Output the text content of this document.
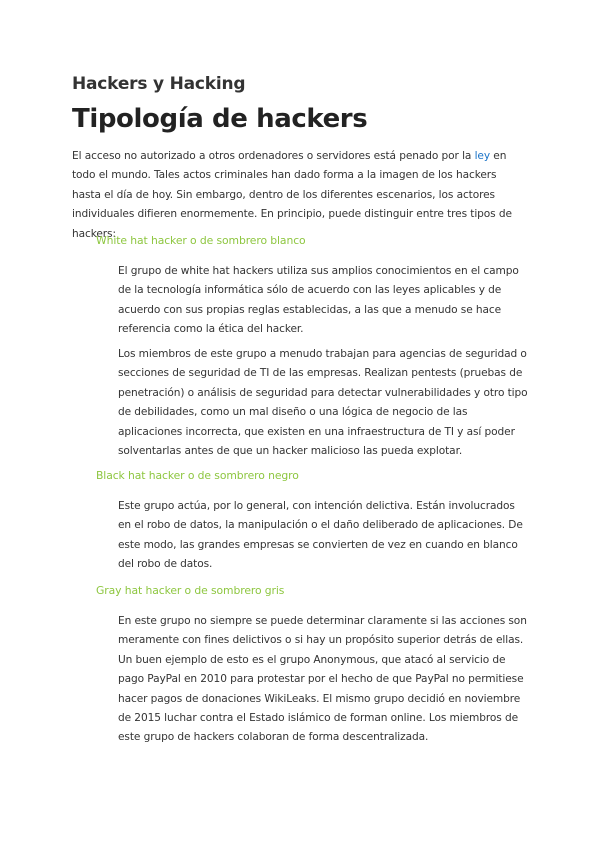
Hackers y Hacking
Tipología de hackers

El acceso no autorizado a otros ordenadores o servidores está penado por la ley en todo el mundo. Tales actos criminales han dado forma a la imagen de los hackers hasta el día de hoy. Sin embargo, dentro de los diferentes escenarios, los actores individuales difieren enormemente. En principio, puede distinguir entre tres tipos de hackers:

White hat hacker o de sombrero blanco

El grupo de white hat hackers utiliza sus amplios conocimientos en el campo de la tecnología informática sólo de acuerdo con las leyes aplicables y de acuerdo con sus propias reglas establecidas, a las que a menudo se hace referencia como la ética del hacker.

Los miembros de este grupo a menudo trabajan para agencias de seguridad o secciones de seguridad de TI de las empresas. Realizan pentests (pruebas de penetración) o análisis de seguridad para detectar vulnerabilidades y otro tipo de debilidades, como un mal diseño o una lógica de negocio de las aplicaciones incorrecta, que existen en una infraestructura de TI y así poder solventarlas antes de que un hacker malicioso las pueda explotar.

Black hat hacker o de sombrero negro

Este grupo actúa, por lo general, con intención delictiva. Están involucrados en el robo de datos, la manipulación o el daño deliberado de aplicaciones. De este modo, las grandes empresas se convierten de vez en cuando en blanco del robo de datos.

Gray hat hacker o de sombrero gris

En este grupo no siempre se puede determinar claramente si las acciones son meramente con fines delictivos o si hay un propósito superior detrás de ellas. Un buen ejemplo de esto es el grupo Anonymous, que atacó al servicio de pago PayPal en 2010 para protestar por el hecho de que PayPal no permitiese hacer pagos de donaciones WikiLeaks. El mismo grupo decidió en noviembre de 2015 luchar contra el Estado islámico de forman online. Los miembros de este grupo de hackers colaboran de forma descentralizada.
